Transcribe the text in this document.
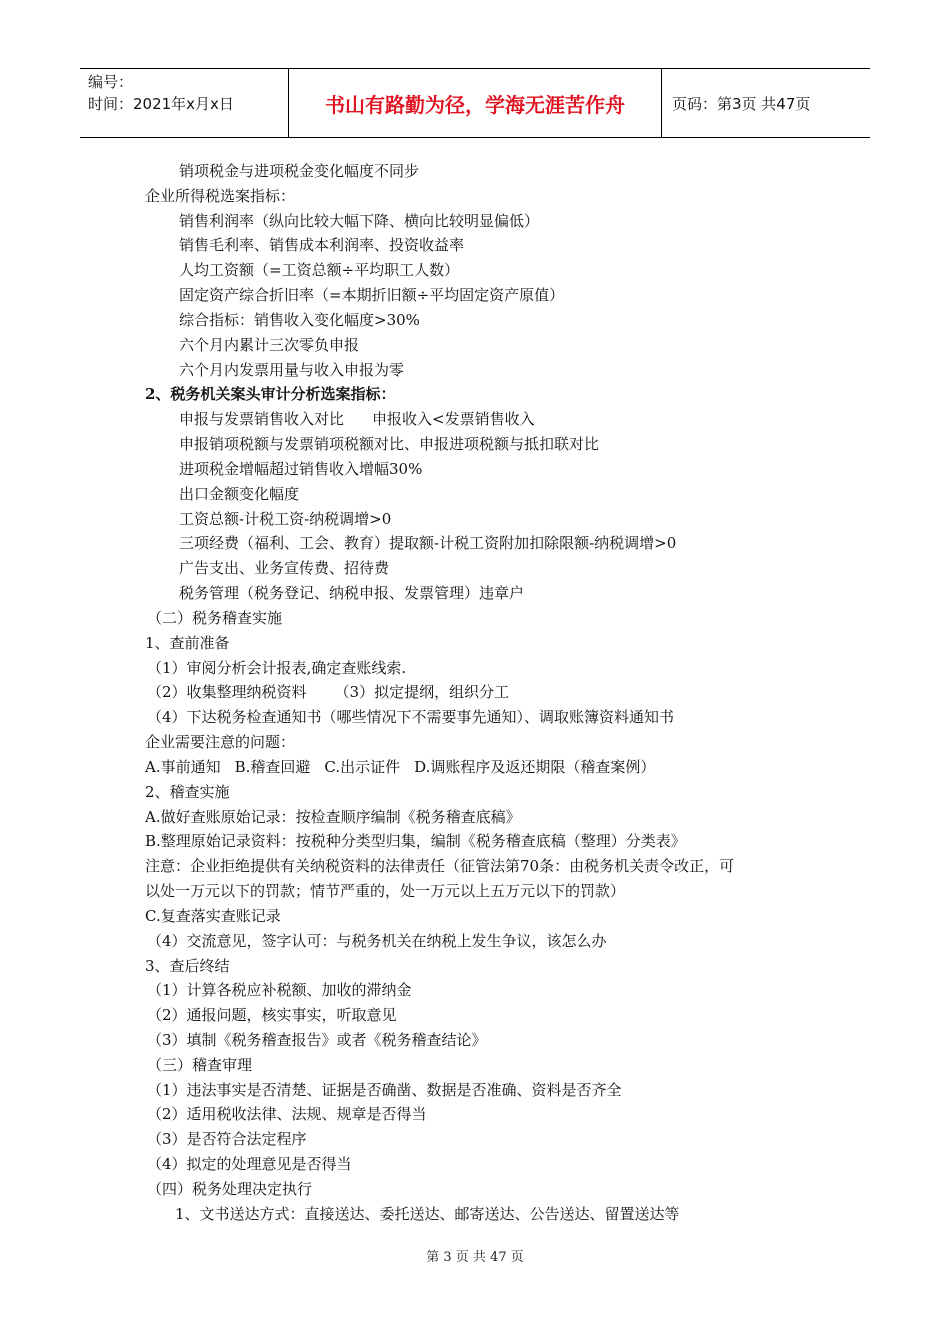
编号：
时间：2021年x月x日	书山有路勤为径，学海无涯苦作舟	页码：第3页 共47页
销项税金与进项税金变化幅度不同步
企业所得税选案指标：
销售利润率（纵向比较大幅下降、横向比较明显偏低）
销售毛利率、销售成本利润率、投资收益率
人均工资额（=工资总额÷平均职工人数）
固定资产综合折旧率（=本期折旧额÷平均固定资产原值）
综合指标：销售收入变化幅度>30%
六个月内累计三次零负申报
六个月内发票用量与收入申报为零
2、税务机关案头审计分析选案指标：
申报与发票销售收入对比 申报收入<发票销售收入
申报销项税额与发票销项税额对比、申报进项税额与抵扣联对比
进项税金增幅超过销售收入增幅30%
出口金额变化幅度
工资总额-计税工资-纳税调增>0
三项经费（福利、工会、教育）提取额-计税工资附加扣除限额-纳税调增>0
广告支出、业务宣传费、招待费
税务管理（税务登记、纳税申报、发票管理）违章户
（二）税务稽查实施
1、查前准备
（1）审阅分析会计报表,确定查账线索.
（2）收集整理纳税资料 （3）拟定提纲，组织分工
（4）下达税务检查通知书（哪些情况下不需要事先通知）、调取账簿资料通知书
企业需要注意的问题：
A.事前通知 B.稽查回避 C.出示证件 D.调账程序及返还期限（稽查案例）
2、稽查实施
A.做好查账原始记录：按检查顺序编制《税务稽查底稿》
B.整理原始记录资料：按税种分类型归集，编制《税务稽查底稿（整理）分类表》
注意：企业拒绝提供有关纳税资料的法律责任（征管法第70条：由税务机关责令改正，可
以处一万元以下的罚款；情节严重的，处一万元以上五万元以下的罚款）
C.复查落实查账记录
（4）交流意见，签字认可：与税务机关在纳税上发生争议，该怎么办
3、查后终结
（1）计算各税应补税额、加收的滞纳金
（2）通报问题，核实事实，听取意见
（3）填制《税务稽查报告》或者《税务稽查结论》
（三）稽查审理
（1）违法事实是否清楚、证据是否确凿、数据是否准确、资料是否齐全
（2）适用税收法律、法规、规章是否得当
（3）是否符合法定程序
（4）拟定的处理意见是否得当
（四）税务处理决定执行
1、文书送达方式：直接送达、委托送达、邮寄送达、公告送达、留置送达等
第 3 页 共 47 页
